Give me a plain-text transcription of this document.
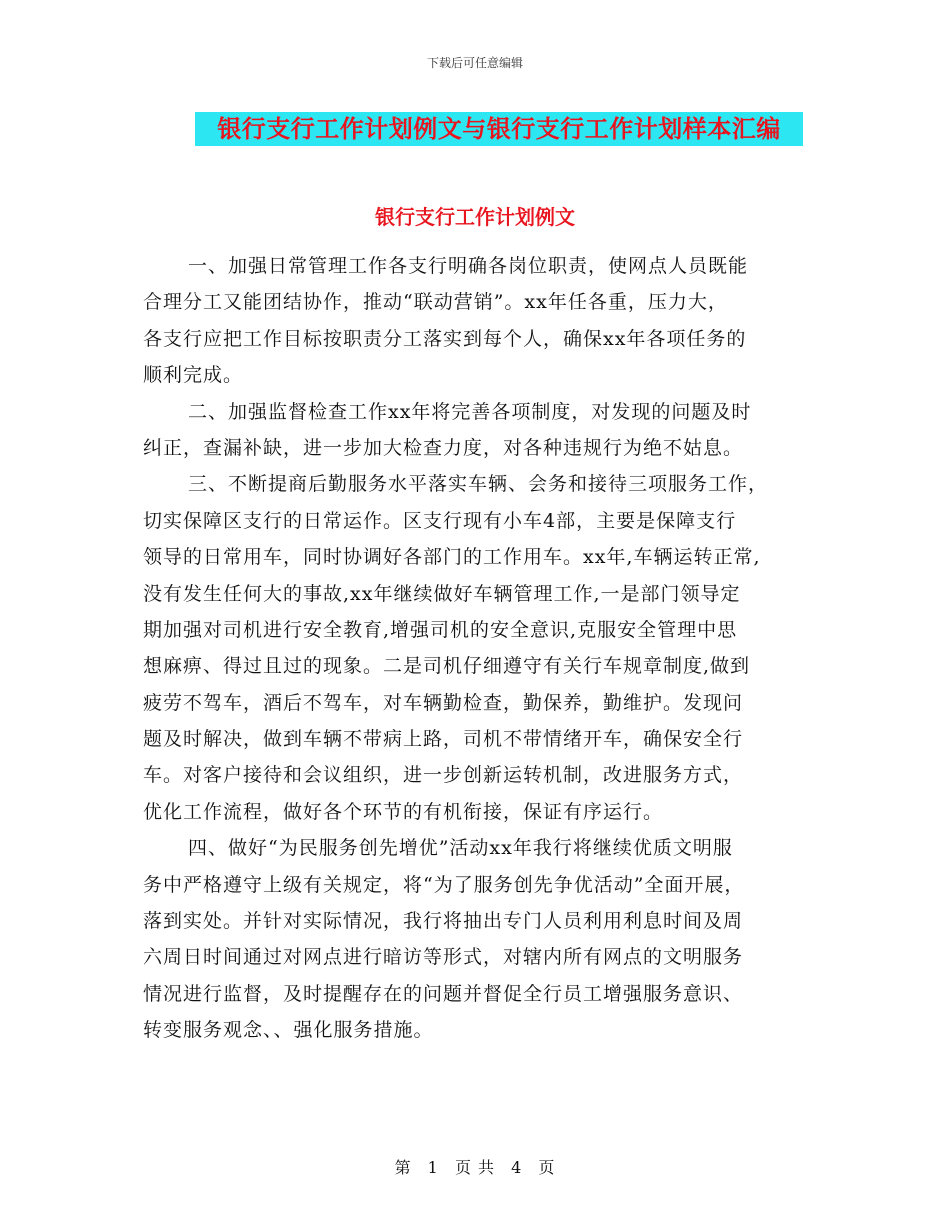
下载后可任意编辑
银行支行工作计划例文与银行支行工作计划样本汇编
银行支行工作计划例文
一、加强日常管理工作各支行明确各岗位职责，使网点人员既能
合理分工又能团结协作，推动“联动营销”。xx年任各重，压力大，
各支行应把工作目标按职责分工落实到每个人，确保xx年各项任务的
顺利完成。
二、加强监督检查工作xx年将完善各项制度，对发现的问题及时
纠正，查漏补缺，进一步加大检查力度，对各种违规行为绝不姑息。
三、不断提商后勤服务水平落实车辆、会务和接待三项服务工作，
切实保障区支行的日常运作。区支行现有小车4部，主要是保障支行
领导的日常用车，同时协调好各部门的工作用车。xx年,车辆运转正常,
没有发生任何大的事故,xx年继续做好车辆管理工作,一是部门领导定
期加强对司机进行安全教育,增强司机的安全意识,克服安全管理中思
想麻痹、得过且过的现象。二是司机仔细遵守有关行车规章制度,做到
疲劳不驾车，酒后不驾车，对车辆勤检查，勤保养，勤维护。发现问
题及时解决，做到车辆不带病上路，司机不带情绪开车，确保安全行
车。对客户接待和会议组织，进一步创新运转机制，改进服务方式，
优化工作流程，做好各个环节的有机衔接，保证有序运行。
四、做好“为民服务创先增优”活动xx年我行将继续优质文明服
务中严格遵守上级有关规定，将“为了服务创先争优活动”全面开展，
落到实处。并针对实际情况，我行将抽出专门人员利用利息时间及周
六周日时间通过对网点进行暗访等形式，对辖内所有网点的文明服务
情况进行监督，及时提醒存在的问题并督促全行员工增强服务意识、
转变服务观念、、强化服务措施。
第 1 页 共 4 页
